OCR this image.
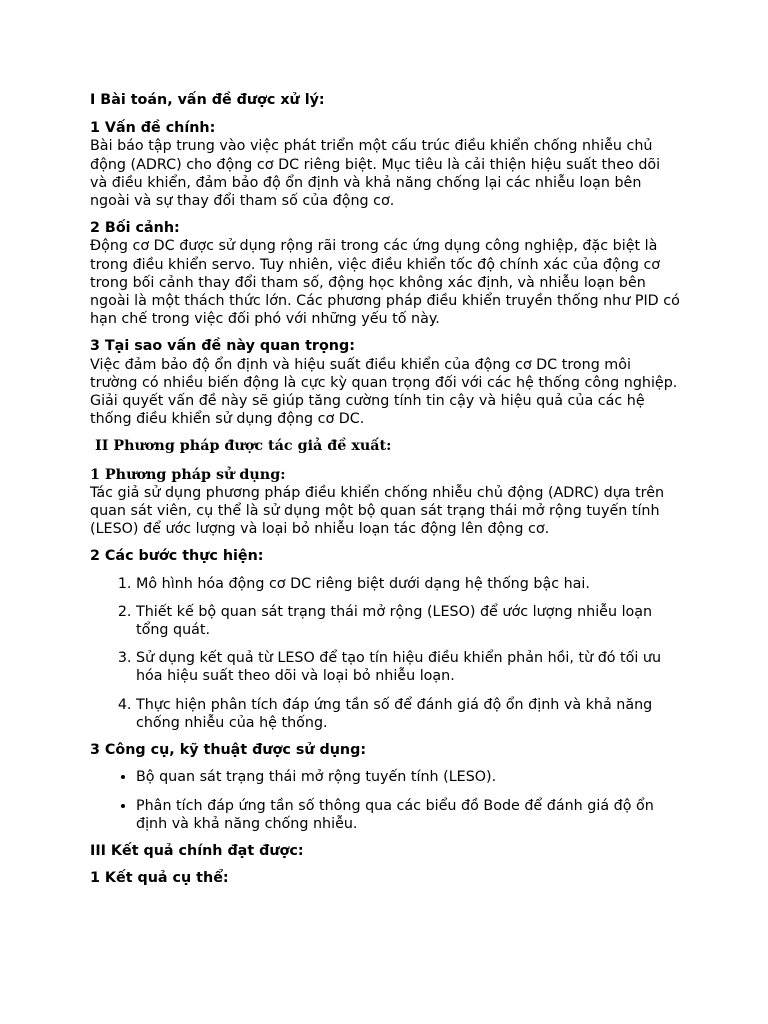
I Bài toán, vấn đề được xử lý:
1 Vấn đề chính:
Bài báo tập trung vào việc phát triển một cấu trúc điều khiển chống nhiễu chủ động (ADRC) cho động cơ DC riêng biệt. Mục tiêu là cải thiện hiệu suất theo dõi và điều khiển, đảm bảo độ ổn định và khả năng chống lại các nhiễu loạn bên ngoài và sự thay đổi tham số của động cơ.
2 Bối cảnh:
Động cơ DC được sử dụng rộng rãi trong các ứng dụng công nghiệp, đặc biệt là trong điều khiển servo. Tuy nhiên, việc điều khiển tốc độ chính xác của động cơ trong bối cảnh thay đổi tham số, động học không xác định, và nhiễu loạn bên ngoài là một thách thức lớn. Các phương pháp điều khiển truyền thống như PID có hạn chế trong việc đối phó với những yếu tố này.
3 Tại sao vấn đề này quan trọng:
Việc đảm bảo độ ổn định và hiệu suất điều khiển của động cơ DC trong môi trường có nhiều biến động là cực kỳ quan trọng đối với các hệ thống công nghiệp. Giải quyết vấn đề này sẽ giúp tăng cường tính tin cậy và hiệu quả của các hệ thống điều khiển sử dụng động cơ DC.
II Phương pháp được tác giả đề xuất:
1 Phương pháp sử dụng:
Tác giả sử dụng phương pháp điều khiển chống nhiễu chủ động (ADRC) dựa trên quan sát viên, cụ thể là sử dụng một bộ quan sát trạng thái mở rộng tuyến tính (LESO) để ước lượng và loại bỏ nhiễu loạn tác động lên động cơ.
2 Các bước thực hiện:
1. Mô hình hóa động cơ DC riêng biệt dưới dạng hệ thống bậc hai.
2. Thiết kế bộ quan sát trạng thái mở rộng (LESO) để ước lượng nhiễu loạn tổng quát.
3. Sử dụng kết quả từ LESO để tạo tín hiệu điều khiển phản hồi, từ đó tối ưu hóa hiệu suất theo dõi và loại bỏ nhiễu loạn.
4. Thực hiện phân tích đáp ứng tần số để đánh giá độ ổn định và khả năng chống nhiễu của hệ thống.
3 Công cụ, kỹ thuật được sử dụng:
• Bộ quan sát trạng thái mở rộng tuyến tính (LESO).
• Phân tích đáp ứng tần số thông qua các biểu đồ Bode để đánh giá độ ổn định và khả năng chống nhiễu.
III Kết quả chính đạt được:
1 Kết quả cụ thể:
